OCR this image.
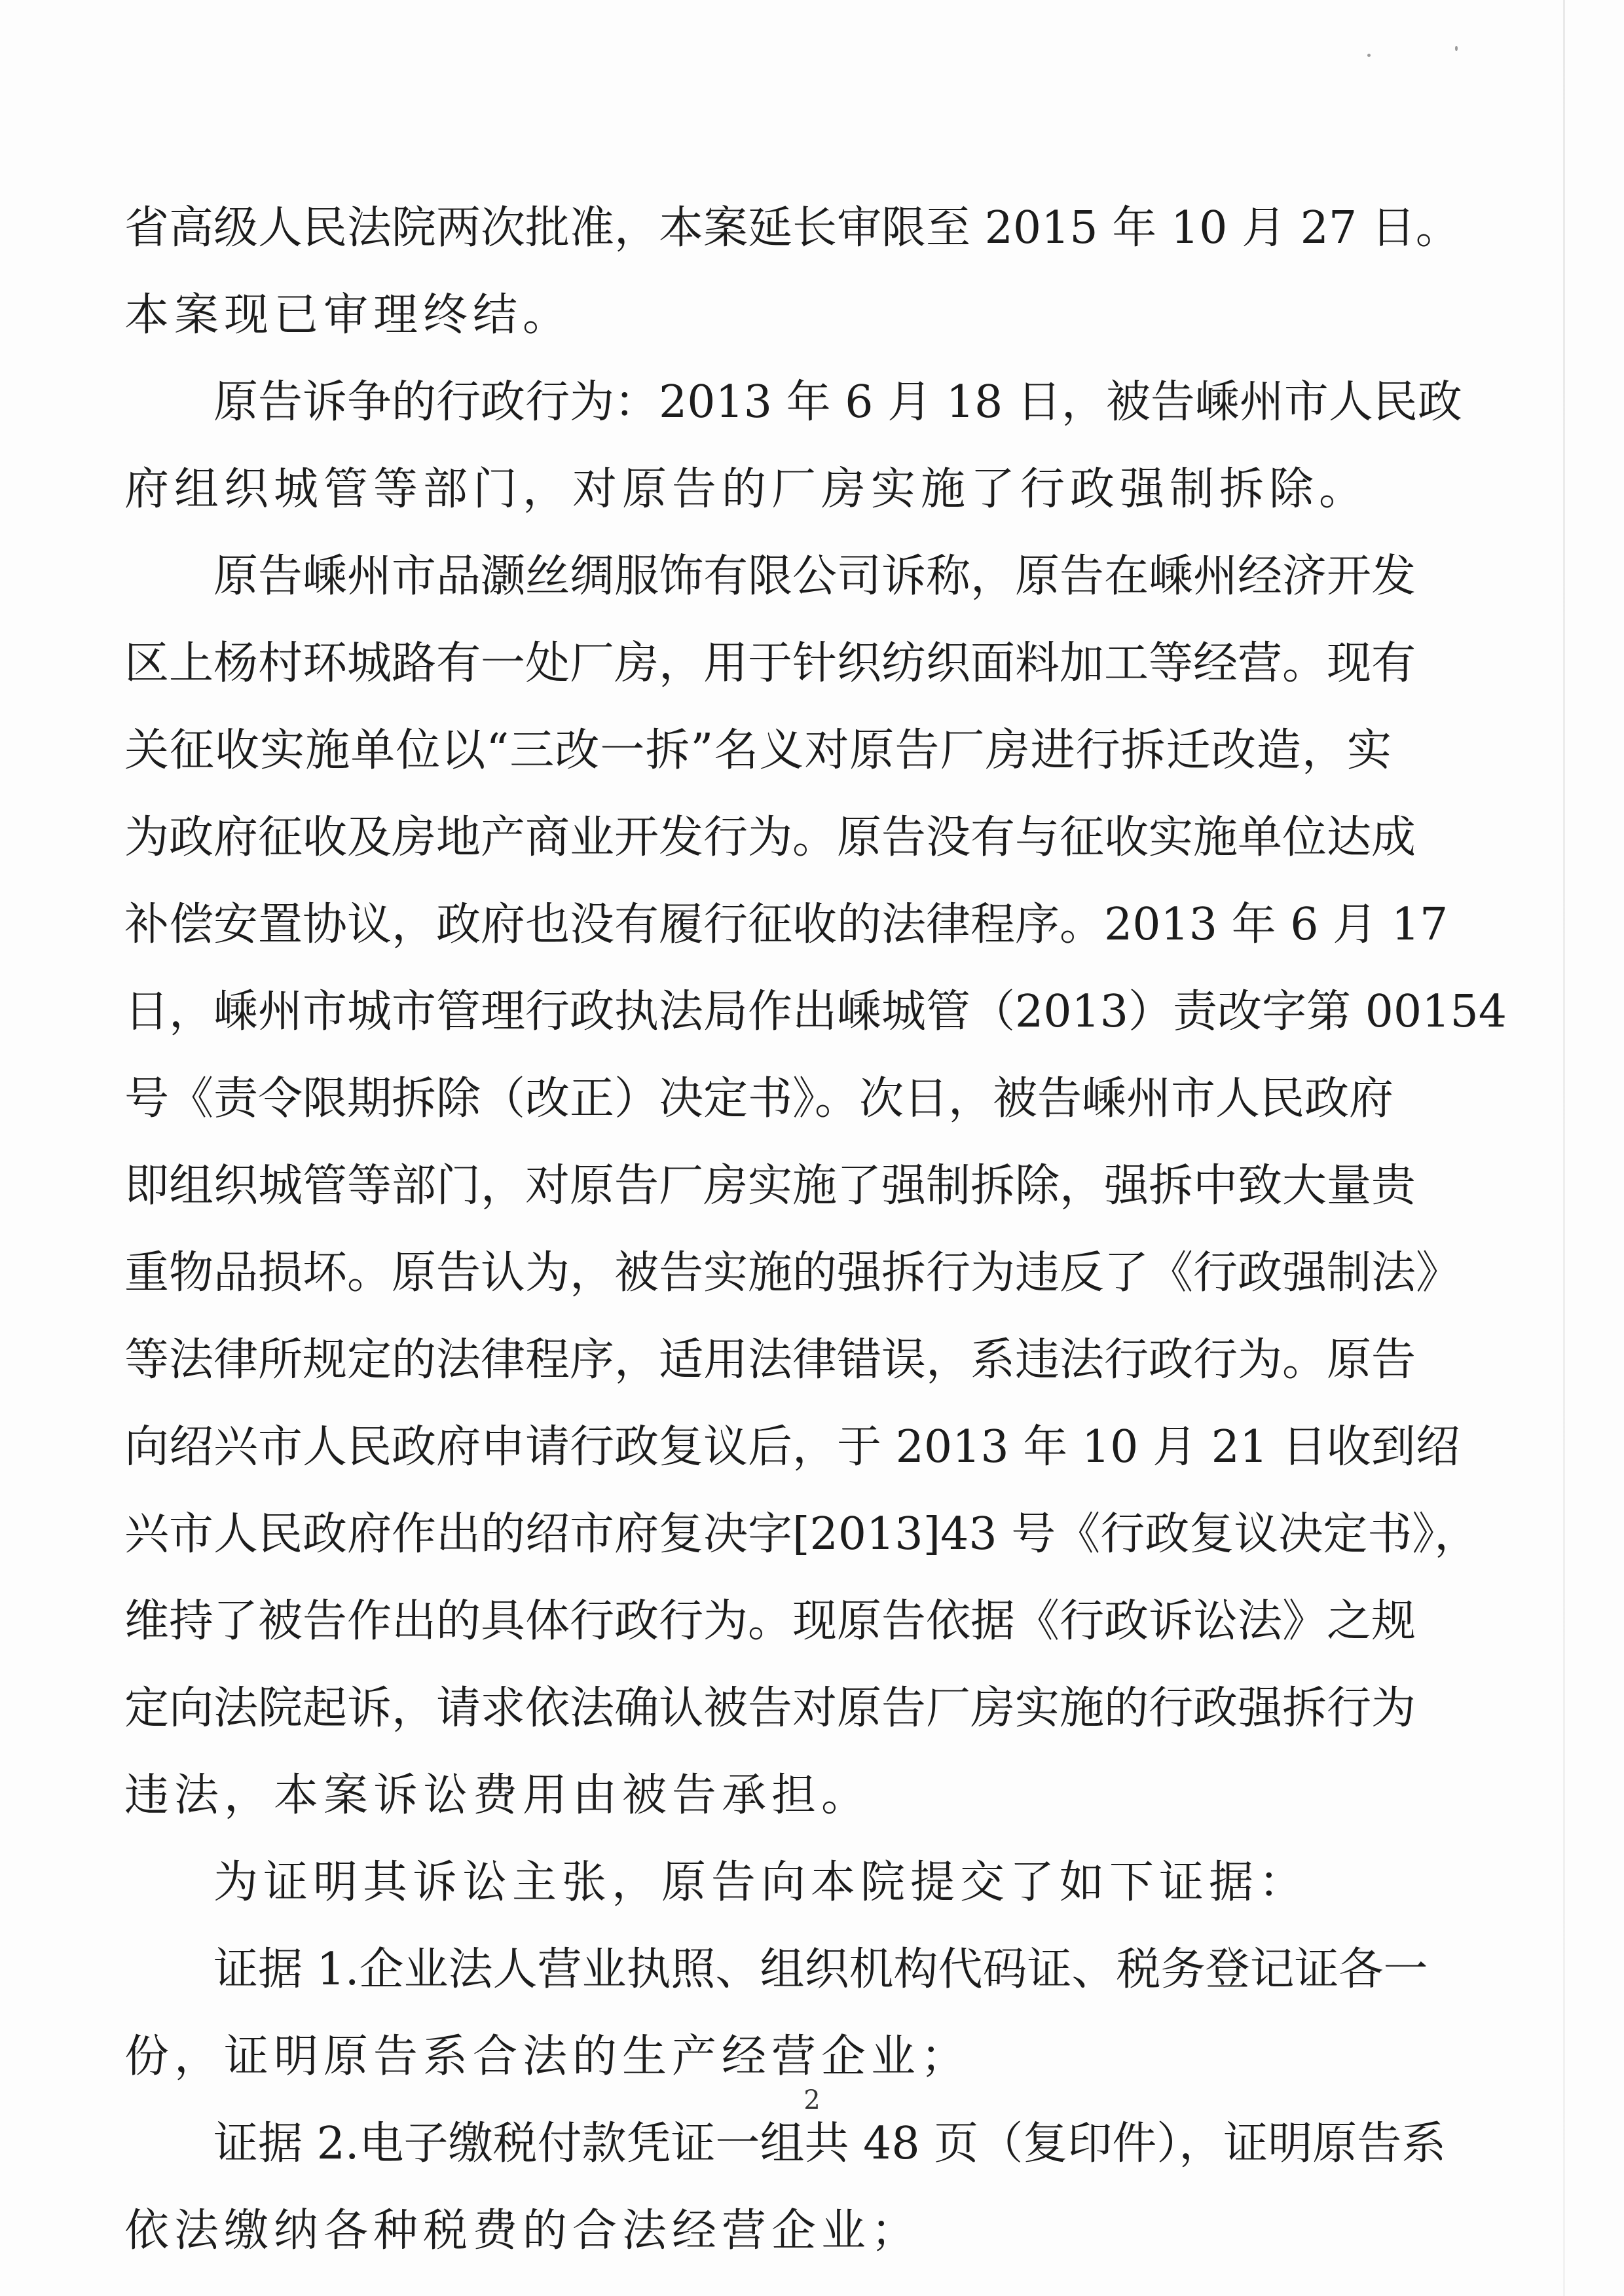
省高级人民法院两次批准，本案延长审限至 2015 年 10 月 27 日。
本案现已审理终结。
原告诉争的行政行为：2013 年 6 月 18 日，被告嵊州市人民政
府组织城管等部门，对原告的厂房实施了行政强制拆除。
原告嵊州市品灏丝绸服饰有限公司诉称，原告在嵊州经济开发
区上杨村环城路有一处厂房，用于针织纺织面料加工等经营。现有
关征收实施单位以“三改一拆”名义对原告厂房进行拆迁改造，实
为政府征收及房地产商业开发行为。原告没有与征收实施单位达成
补偿安置协议，政府也没有履行征收的法律程序。2013 年 6 月 17
日，嵊州市城市管理行政执法局作出嵊城管（2013）责改字第 00154
号《责令限期拆除（改正）决定书》。次日，被告嵊州市人民政府
即组织城管等部门，对原告厂房实施了强制拆除，强拆中致大量贵
重物品损坏。原告认为，被告实施的强拆行为违反了《行政强制法》
等法律所规定的法律程序，适用法律错误，系违法行政行为。原告
向绍兴市人民政府申请行政复议后，于 2013 年 10 月 21 日收到绍
兴市人民政府作出的绍市府复决字[2013]43 号《行政复议决定书》，
维持了被告作出的具体行政行为。现原告依据《行政诉讼法》之规
定向法院起诉，请求依法确认被告对原告厂房实施的行政强拆行为
违法，本案诉讼费用由被告承担。
为证明其诉讼主张，原告向本院提交了如下证据：
证据 1.企业法人营业执照、组织机构代码证、税务登记证各一
份，证明原告系合法的生产经营企业；
证据 2.电子缴税付款凭证一组共 48 页（复印件），证明原告系
依法缴纳各种税费的合法经营企业；
2
